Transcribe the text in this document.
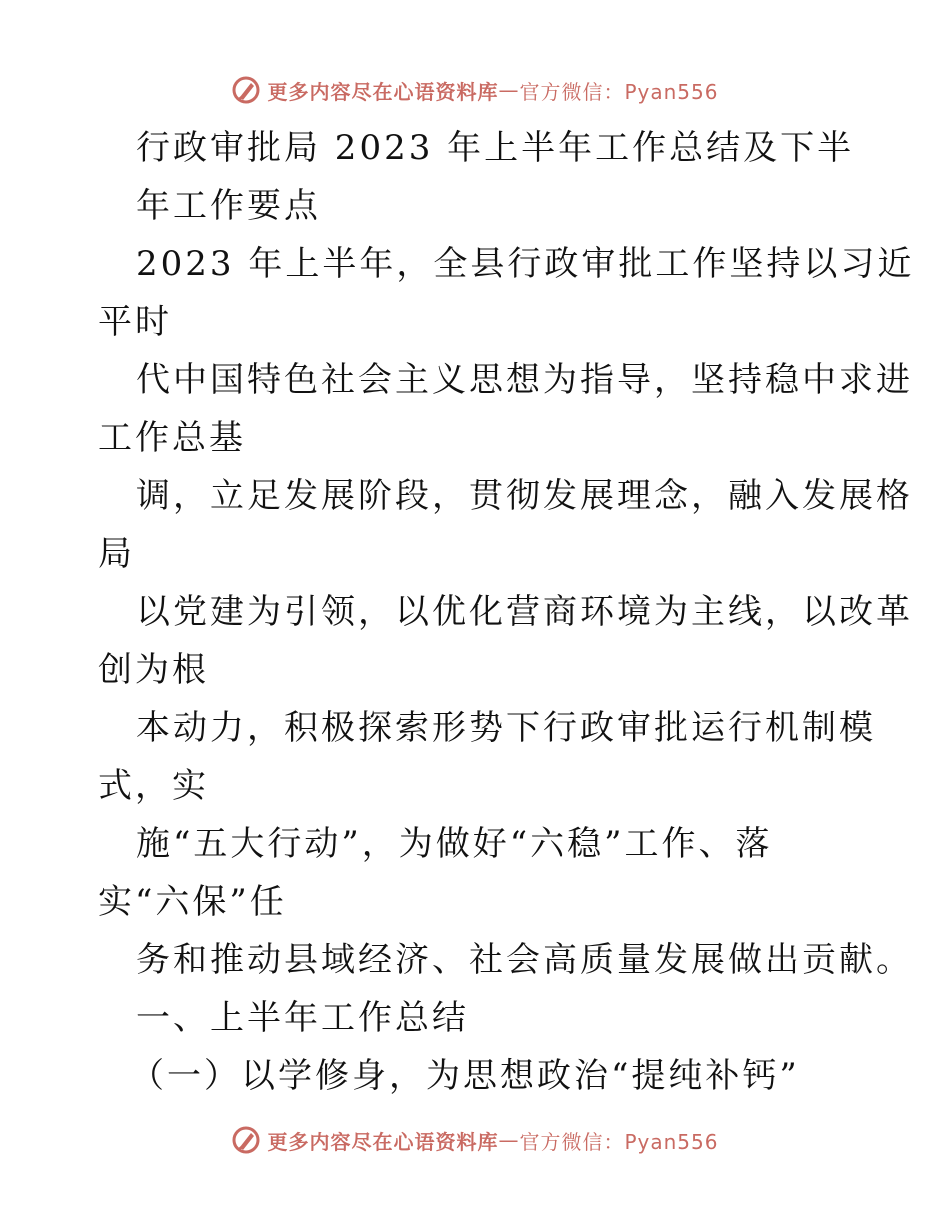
更多内容尽在心语资料库 — 官方微信：Pyan556
行政审批局 2023 年上半年工作总结及下半
年工作要点
2023 年上半年，全县行政审批工作坚持以习近
平时
代中国特色社会主义思想为指导，坚持稳中求进
工作总基
调，立足发展阶段，贯彻发展理念，融入发展格
局
以党建为引领，以优化营商环境为主线，以改革
创为根
本动力，积极探索形势下行政审批运行机制模
式，实
施“五大行动”，为做好“六稳”工作、落
实“六保”任
务和推动县域经济、社会高质量发展做出贡献。
一、上半年工作总结
（一）以学修身，为思想政治“提纯补钙”
更多内容尽在心语资料库 — 官方微信：Pyan556
